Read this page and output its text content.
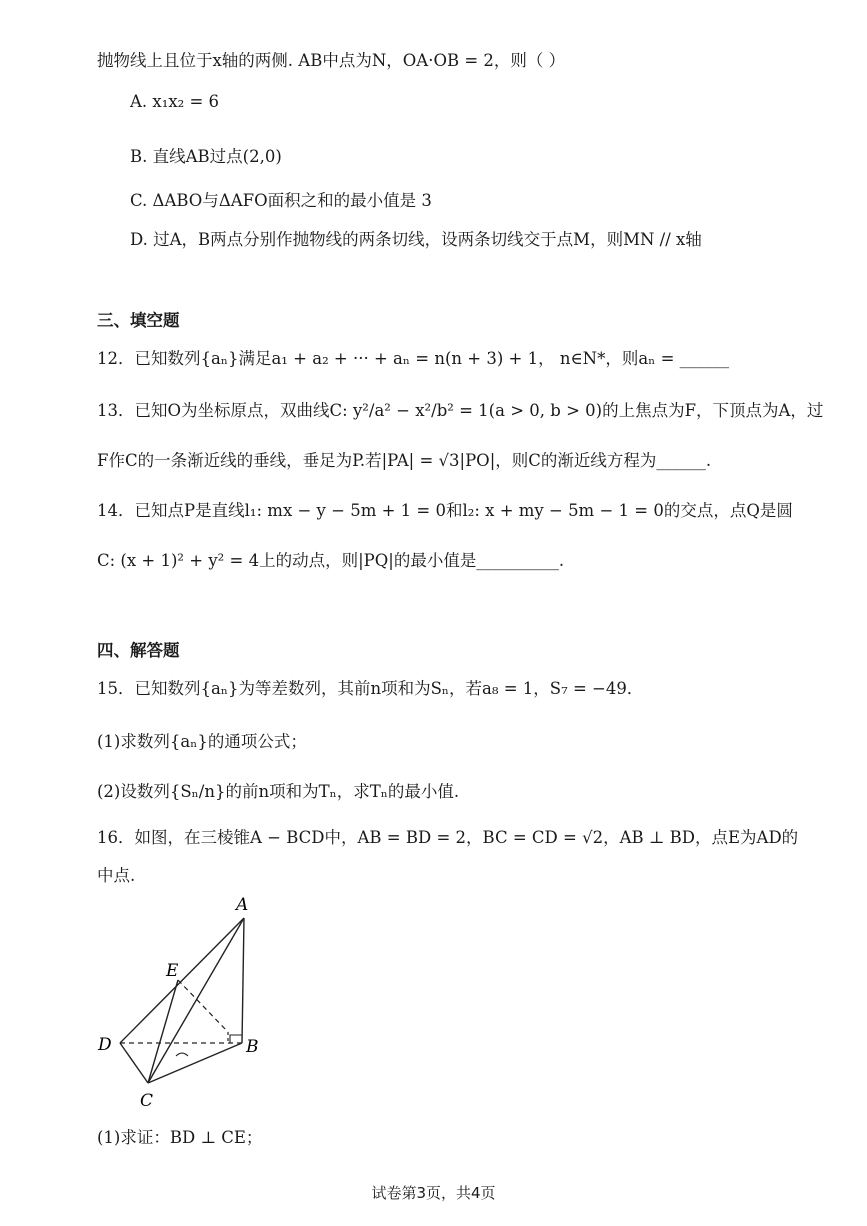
抛物线上且位于x轴的两侧. AB中点为N，OA·OB = 2，则（ ）
A. x₁x₂ = 6
B. 直线AB过点(2,0)
C. ΔABO与ΔAFO面积之和的最小值是 3
D. 过A，B两点分别作抛物线的两条切线，设两条切线交于点M，则MN // x轴
三、填空题
12．已知数列{aₙ}满足a₁ + a₂ + ··· + aₙ = n(n + 3) + 1， n∈N*，则aₙ = ______
13．已知O为坐标原点，双曲线C: y²/a² − x²/b² = 1(a > 0, b > 0)的上焦点为F，下顶点为A，过
F作C的一条渐近线的垂线，垂足为P.若|PA| = √3|PO|，则C的渐近线方程为______.
14．已知点P是直线l₁: mx − y − 5m + 1 = 0和l₂: x + my − 5m − 1 = 0的交点，点Q是圆
C: (x + 1)² + y² = 4上的动点，则|PQ|的最小值是__________.
四、解答题
15．已知数列{aₙ}为等差数列，其前n项和为Sₙ，若a₈ = 1，S₇ = −49．
(1)求数列{aₙ}的通项公式；
(2)设数列{Sₙ/n}的前n项和为Tₙ，求Tₙ的最小值.
16．如图，在三棱锥A − BCD中，AB = BD = 2，BC = CD = √2，AB ⊥ BD，点E为AD的
中点.
A
B
C
D
E
(1)求证：BD ⊥ CE；
试卷第3页，共4页
